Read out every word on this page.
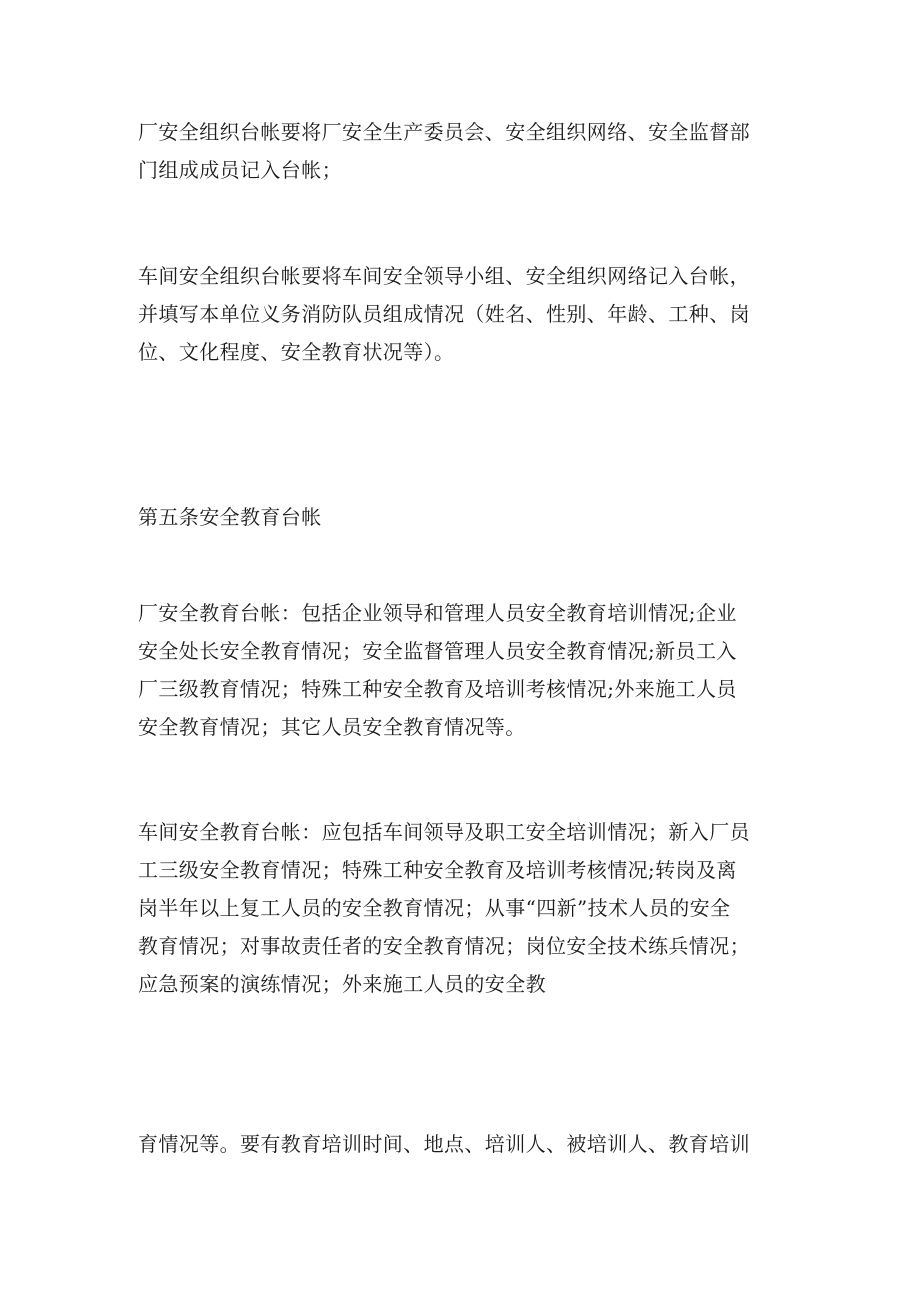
厂安全组织台帐要将厂安全生产委员会、安全组织网络、安全监督部
门组成成员记入台帐；

车间安全组织台帐要将车间安全领导小组、安全组织网络记入台帐，
并填写本单位义务消防队员组成情况（姓名、性别、年龄、工种、岗
位、文化程度、安全教育状况等）。

第五条安全教育台帐

厂安全教育台帐：包括企业领导和管理人员安全教育培训情况;企业
安全处长安全教育情况；安全监督管理人员安全教育情况;新员工入
厂三级教育情况；特殊工种安全教育及培训考核情况;外来施工人员
安全教育情况；其它人员安全教育情况等。

车间安全教育台帐：应包括车间领导及职工安全培训情况；新入厂员
工三级安全教育情况；特殊工种安全教育及培训考核情况;转岗及离
岗半年以上复工人员的安全教育情况；从事“四新”技术人员的安全
教育情况；对事故责任者的安全教育情况；岗位安全技术练兵情况；
应急预案的演练情况；外来施工人员的安全教

育情况等。要有教育培训时间、地点、培训人、被培训人、教育培训
